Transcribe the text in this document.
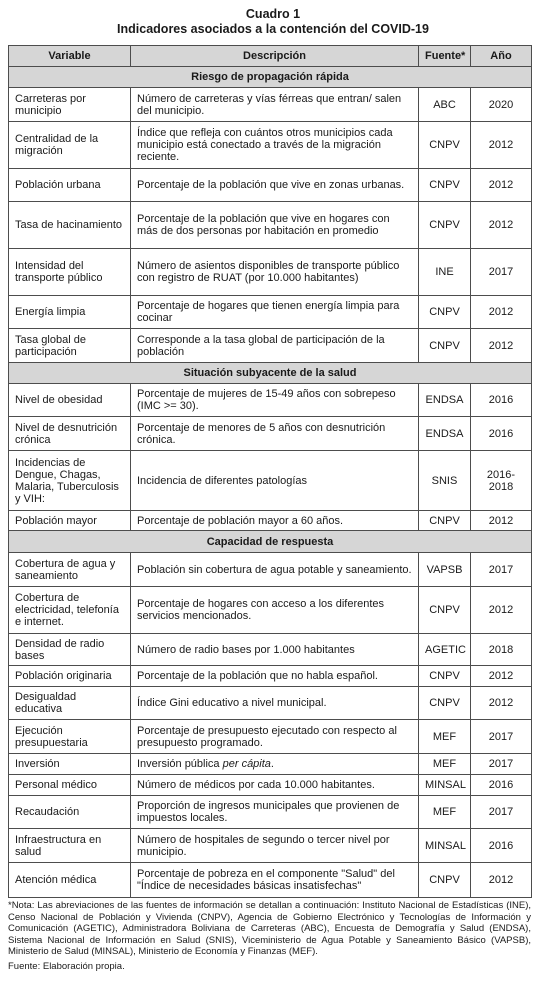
Cuadro 1
Indicadores asociados a la contención del COVID-19
Variable	Descripción	Fuente*	Año
Riesgo de propagación rápida			
Carreteras por municipio	Número de carreteras y vías férreas que entran/ salen del municipio.	ABC	2020
Centralidad de la migración	Índice que refleja con cuántos otros municipios cada municipio está conectado a través de la migración reciente.	CNPV	2012
Población urbana	Porcentaje de la población que vive en zonas urbanas.	CNPV	2012
Tasa de hacinamiento	Porcentaje de la población que vive en hogares con más de dos personas por habitación en promedio	CNPV	2012
Intensidad del transporte público	Número de asientos disponibles de transporte público con registro de RUAT (por 10.000 habitantes)	INE	2017
Energía limpia	Porcentaje de hogares que tienen energía limpia para cocinar	CNPV	2012
Tasa global de participación	Corresponde a la tasa global de participación de la población	CNPV	2012
Situación subyacente de la salud			
Nivel de obesidad	Porcentaje de mujeres de 15-49 años con sobrepeso (IMC >= 30).	ENDSA	2016
Nivel de desnutrición crónica	Porcentaje de menores de 5 años con desnutrición crónica.	ENDSA	2016
Incidencias de Dengue, Chagas, Malaria, Tuberculosis y VIH:	Incidencia de diferentes patologías	SNIS	2016-2018
Población mayor	Porcentaje de población mayor a 60 años.	CNPV	2012
Capacidad de respuesta			
Cobertura de agua y saneamiento	Población sin cobertura de agua potable y saneamiento.	VAPSB	2017
Cobertura de electricidad, telefonía e internet.	Porcentaje de hogares con acceso a los diferentes servicios mencionados.	CNPV	2012
Densidad de radio bases	Número de radio bases por 1.000 habitantes	AGETIC	2018
Población originaria	Porcentaje de la población que no habla español.	CNPV	2012
Desigualdad educativa	Índice Gini educativo a nivel municipal.	CNPV	2012
Ejecución presupuestaria	Porcentaje de presupuesto ejecutado con respecto al presupuesto programado.	MEF	2017
Inversión	Inversión pública per cápita.	MEF	2017
Personal médico	Número de médicos por cada 10.000 habitantes.	MINSAL	2016
Recaudación	Proporción de ingresos municipales que provienen de impuestos locales.	MEF	2017
Infraestructura en salud	Número de hospitales de segundo o tercer nivel por municipio.	MINSAL	2016
Atención médica	Porcentaje de pobreza en el componente "Salud" del "Índice de necesidades básicas insatisfechas"	CNPV	2012
*Nota: Las abreviaciones de las fuentes de información se detallan a continuación: Instituto Nacional de Estadísticas (INE), Censo Nacional de Población y Vivienda (CNPV), Agencia de Gobierno Electrónico y Tecnologías de Información y Comunicación (AGETIC), Administradora Boliviana de Carreteras (ABC), Encuesta de Demografía y Salud (ENDSA), Sistema Nacional de Información en Salud (SNIS), Viceministerio de Agua Potable y Saneamiento Básico (VAPSB), Ministerio de Salud (MINSAL), Ministerio de Economía y Finanzas (MEF).
Fuente: Elaboración propia.
